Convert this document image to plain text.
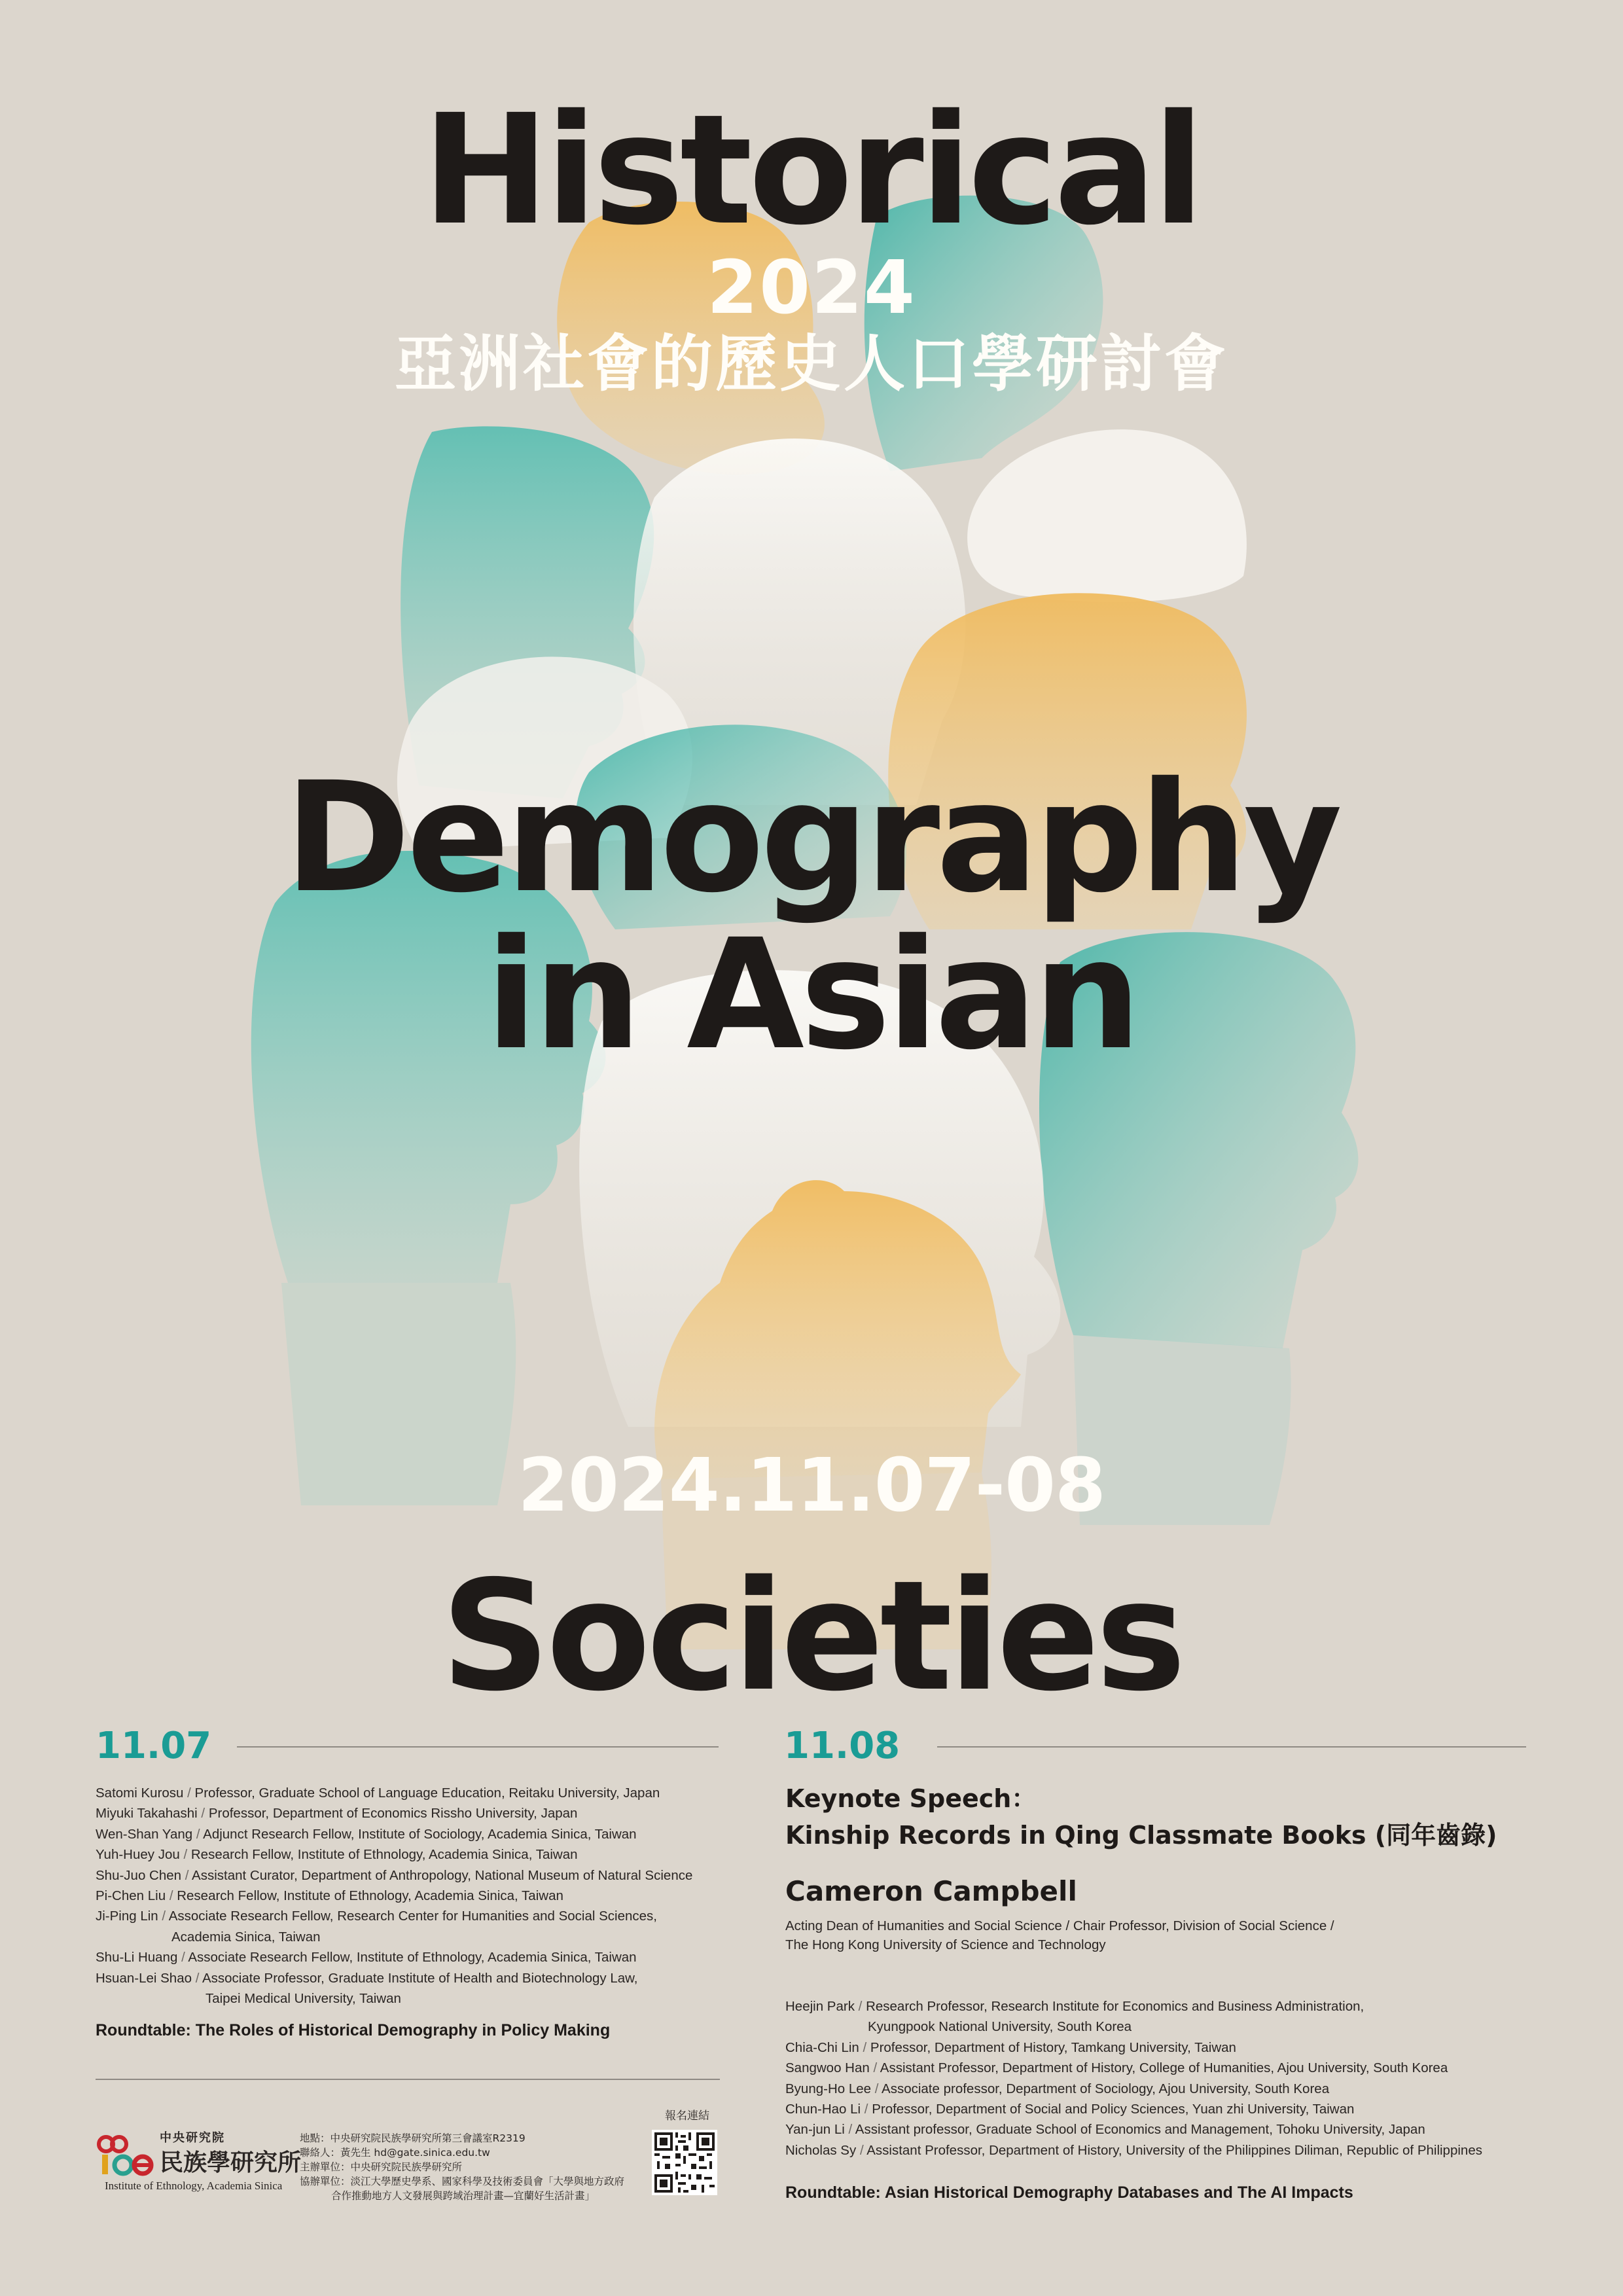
Historical
2024
亞洲社會的歷史人口學研討會
Demography
in Asian
2024.11.07-08
Societies
11.07
Satomi Kurosu / Professor, Graduate School of Language Education, Reitaku University, Japan
Miyuki Takahashi / Professor, Department of Economics Rissho University, Japan
Wen-Shan Yang / Adjunct Research Fellow, Institute of Sociology, Academia Sinica, Taiwan
Yuh-Huey Jou / Research Fellow, Institute of Ethnology, Academia Sinica, Taiwan
Shu-Juo Chen / Assistant Curator, Department of Anthropology, National Museum of Natural Science
Pi-Chen Liu / Research Fellow, Institute of Ethnology, Academia Sinica, Taiwan
Ji-Ping Lin / Associate Research Fellow, Research Center for Humanities and Social Sciences,
Academia Sinica, Taiwan
Shu-Li Huang / Associate Research Fellow, Institute of Ethnology, Academia Sinica, Taiwan
Hsuan-Lei Shao / Associate Professor, Graduate Institute of Health and Biotechnology Law,
Taipei Medical University, Taiwan
Roundtable: The Roles of Historical Demography in Policy Making
11.08
Keynote Speech：
Kinship Records in Qing Classmate Books (同年齒錄)
Cameron Campbell
Acting Dean of Humanities and Social Science / Chair Professor, Division of Social Science /
The Hong Kong University of Science and Technology
Heejin Park / Research Professor, Research Institute for Economics and Business Administration,
Kyungpook National University, South Korea
Chia-Chi Lin / Professor, Department of History, Tamkang University, Taiwan
Sangwoo Han / Assistant Professor, Department of History, College of Humanities, Ajou University, South Korea
Byung-Ho Lee / Associate professor, Department of Sociology, Ajou University, South Korea
Chun-Hao Li / Professor, Department of Social and Policy Sciences, Yuan zhi University, Taiwan
Yan-jun Li / Assistant professor, Graduate School of Economics and Management, Tohoku University, Japan
Nicholas Sy / Assistant Professor, Department of History, University of the Philippines Diliman, Republic of Philippines
Roundtable: Asian Historical Demography Databases and The AI Impacts
中央研究院
民族學研究所
Institute of Ethnology, Academia Sinica
地點：中央研究院民族學研究所第三會議室R2319
聯絡人：黃先生 hd@gate.sinica.edu.tw
主辦單位：中央研究院民族學研究所
協辦單位：淡江大學歷史學系、國家科學及技術委員會「大學與地方政府
合作推動地方人文發展與跨域治理計畫—宜蘭好生活計畫」
報名連結
